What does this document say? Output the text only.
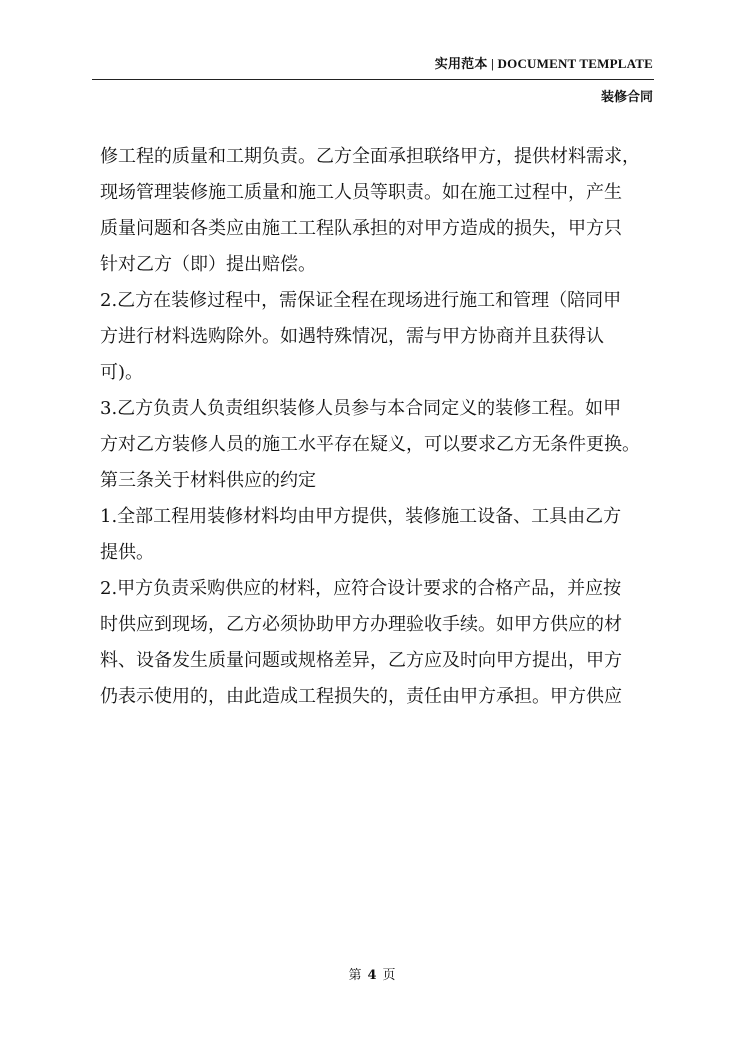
实用范本 | DOCUMENT TEMPLATE
装修合同

修工程的质量和工期负责。乙方全面承担联络甲方，提供材料需求，
现场管理装修施工质量和施工人员等职责。如在施工过程中，产生
质量问题和各类应由施工工程队承担的对甲方造成的损失，甲方只
针对乙方（即）提出赔偿。

2.乙方在装修过程中，需保证全程在现场进行施工和管理（陪同甲
方进行材料选购除外。如遇特殊情况，需与甲方协商并且获得认
可)。

3.乙方负责人负责组织装修人员参与本合同定义的装修工程。如甲
方对乙方装修人员的施工水平存在疑义，可以要求乙方无条件更换。

第三条关于材料供应的约定

1.全部工程用装修材料均由甲方提供，装修施工设备、工具由乙方
提供。

2.甲方负责采购供应的材料，应符合设计要求的合格产品，并应按
时供应到现场，乙方必须协助甲方办理验收手续。如甲方供应的材
料、设备发生质量问题或规格差异，乙方应及时向甲方提出，甲方
仍表示使用的，由此造成工程损失的，责任由甲方承担。甲方供应

第 4 页
